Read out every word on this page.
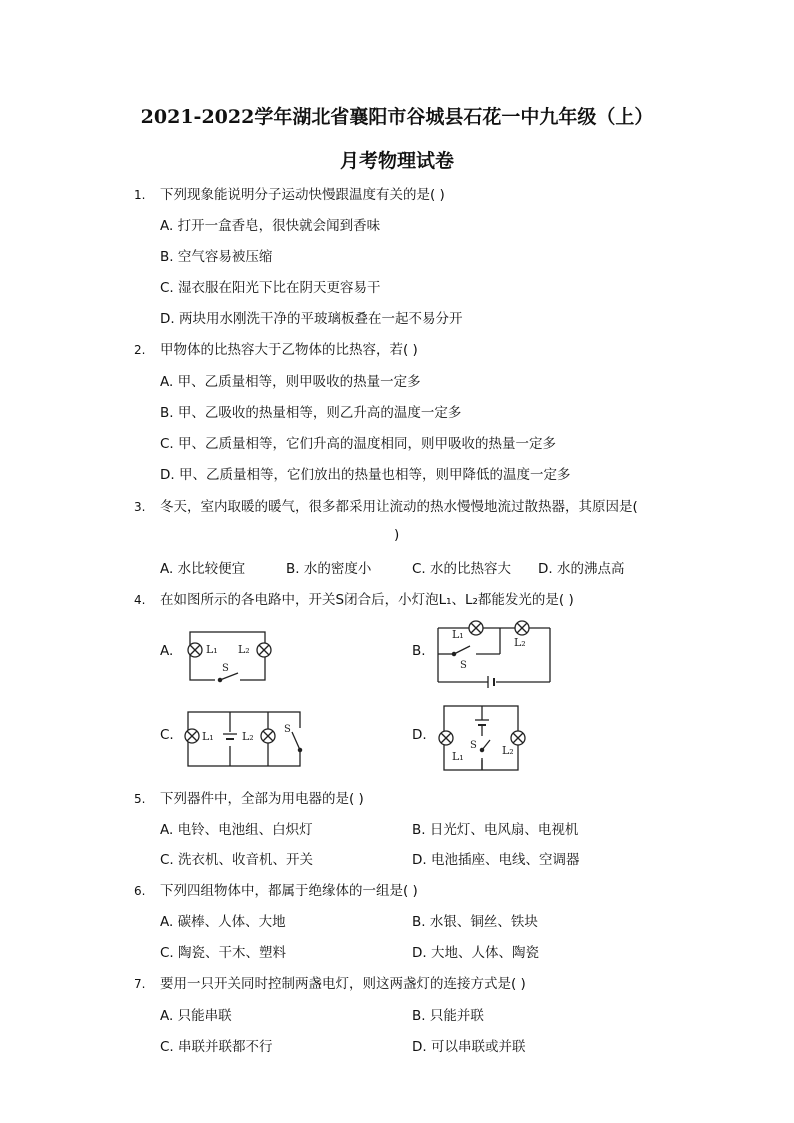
2021-2022学年湖北省襄阳市谷城县石花一中九年级（上）
月考物理试卷
1. 下列现象能说明分子运动快慢跟温度有关的是( )
A. 打开一盒香皂，很快就会闻到香味
B. 空气容易被压缩
C. 湿衣服在阳光下比在阴天更容易干
D. 两块用水刚洗干净的平玻璃板叠在一起不易分开
2. 甲物体的比热容大于乙物体的比热容，若( )
A. 甲、乙质量相等，则甲吸收的热量一定多
B. 甲、乙吸收的热量相等，则乙升高的温度一定多
C. 甲、乙质量相等，它们升高的温度相同，则甲吸收的热量一定多
D. 甲、乙质量相等，它们放出的热量也相等，则甲降低的温度一定多
3. 冬天，室内取暖的暖气，很多都采用让流动的热水慢慢地流过散热器，其原因是(
)
A. 水比较便宜	B. 水的密度小	C. 水的比热容大 D. 水的沸点高
4. 在如图所示的各电路中，开关S闭合后，小灯泡L₁、L₂都能发光的是( )
A.	B.
C.	D.
L₁ L₂
S
L₁
L₂
S
L₁	L₂
S
L₁	L₂
S
5. 下列器件中，全部为用电器的是( )
A. 电铃、电池组、白炽灯	B. 日光灯、电风扇、电视机
C. 洗衣机、收音机、开关	D. 电池插座、电线、空调器
6. 下列四组物体中，都属于绝缘体的一组是( )
A. 碳棒、人体、大地	B. 水银、铜丝、铁块
C. 陶瓷、干木、塑料	D. 大地、人体、陶瓷
7. 要用一只开关同时控制两盏电灯，则这两盏灯的连接方式是( )
A. 只能串联	B. 只能并联
C. 串联并联都不行	D. 可以串联或并联
